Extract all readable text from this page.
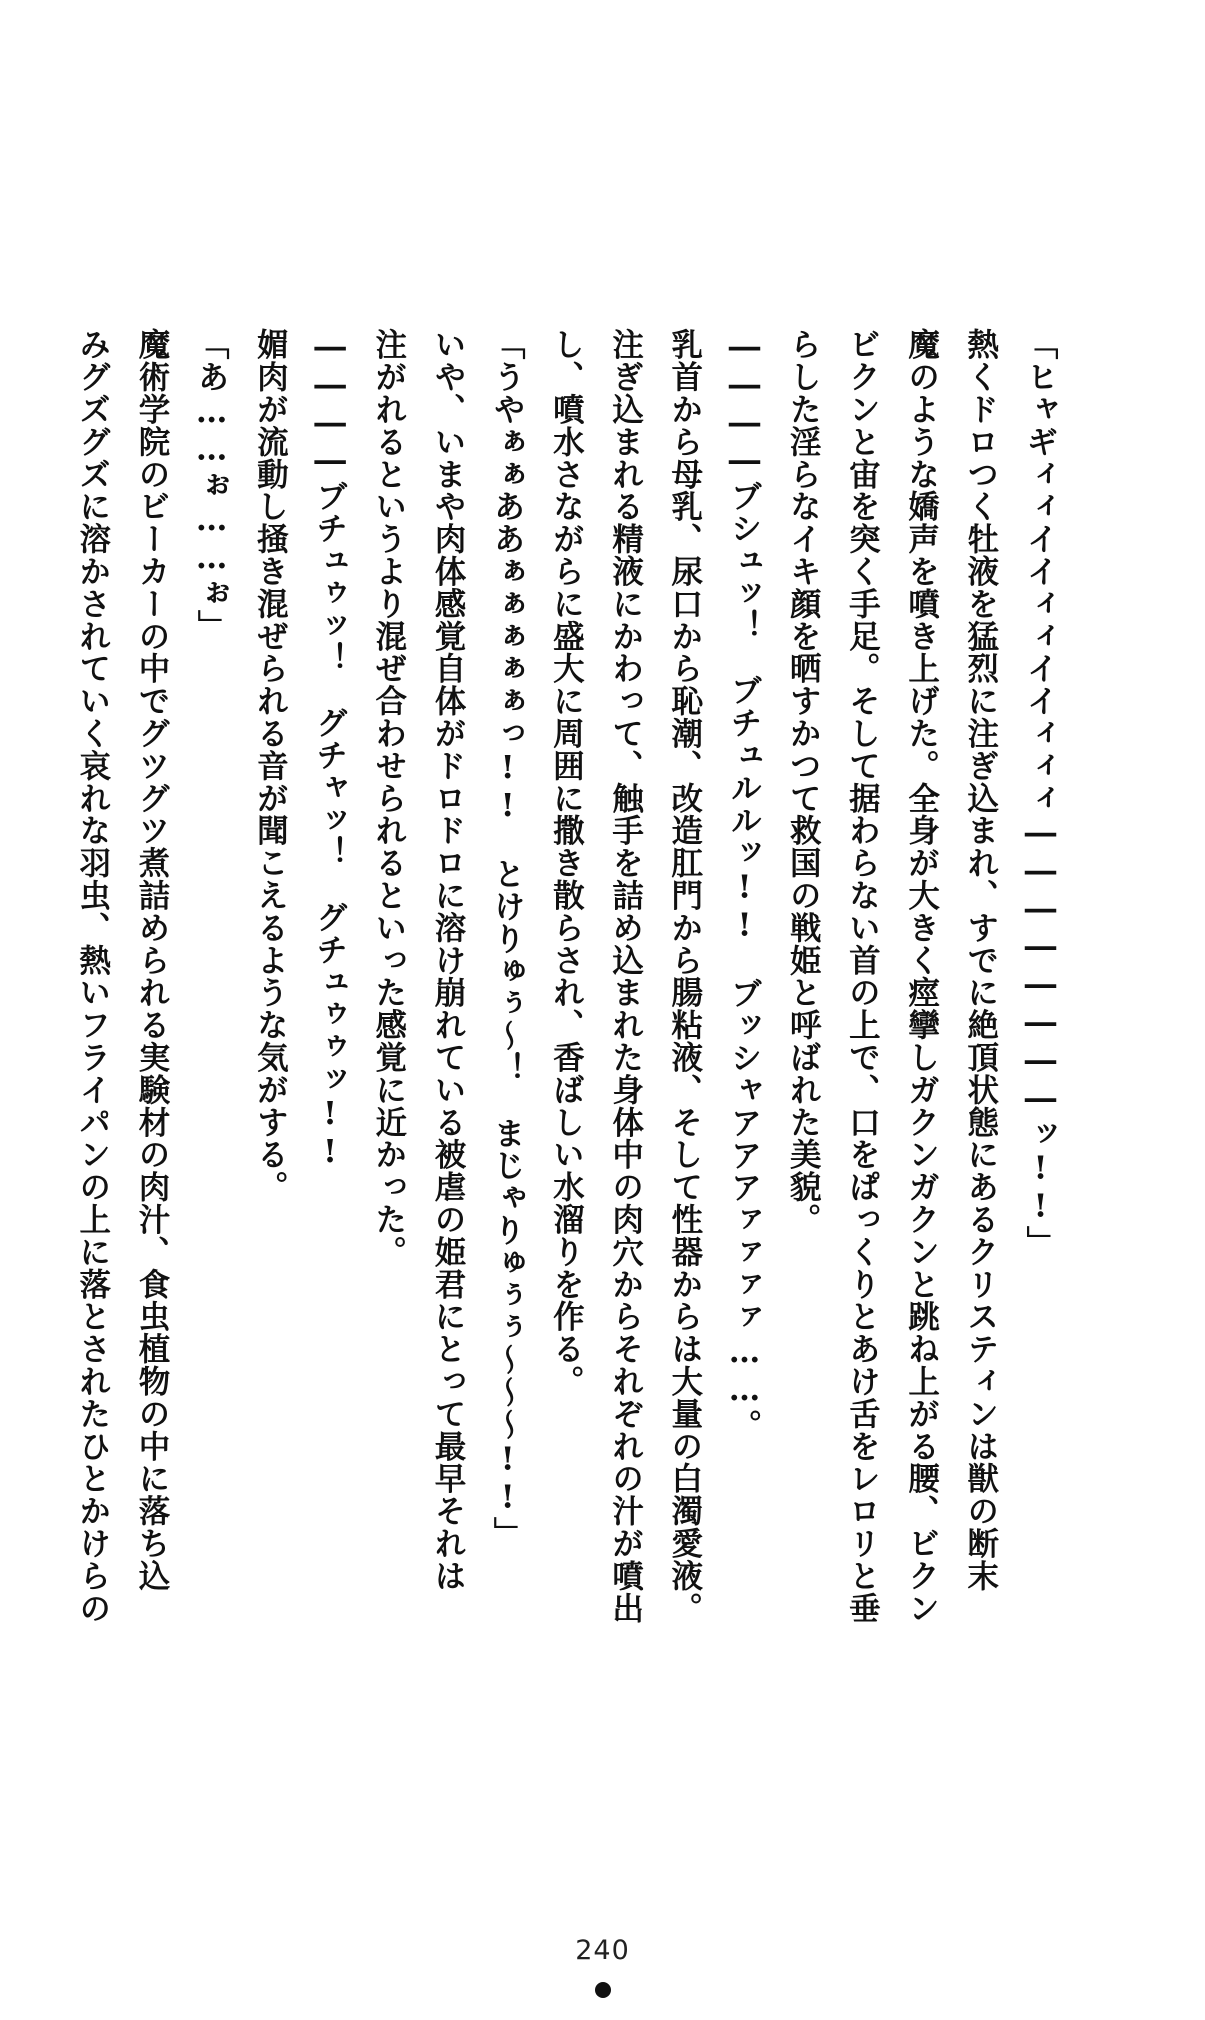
「ヒャギィィイイィィイイィィィ――――――――ッ!!」
熱くドロつく牡液を猛烈に注ぎ込まれ、すでに絶頂状態にあるクリスティンは獣の断末
魔のような嬌声を噴き上げた。全身が大きく痙攣しガクンガクンと跳ね上がる腰、ビクン
ビクンと宙を突く手足。そして据わらない首の上で、口をぱっくりとあけ舌をレロリと垂
らした淫らなイキ顔を晒すかつて救国の戦姫と呼ばれた美貌。
――――ブシュッ！　ブチュルルッ!!　ブッシャアアアァァァァ……。
乳首から母乳、尿口から恥潮、改造肛門から腸粘液、そして性器からは大量の白濁愛液。
注ぎ込まれる精液にかわって、触手を詰め込まれた身体中の肉穴からそれぞれの汁が噴出
し、噴水さながらに盛大に周囲に撒き散らされ、香ばしい水溜りを作る。
「うやぁぁああぁぁぁぁぁっ!!　とけりゅぅ～！　まじゃりゅぅぅ～～～!!」
いや、いまや肉体感覚自体がドロドロに溶け崩れている被虐の姫君にとって最早それは
注がれるというより混ぜ合わせられるといった感覚に近かった。
――――ブチュゥッ！　グチャッ！　グチュゥゥッ!!
媚肉が流動し掻き混ぜられる音が聞こえるような気がする。
「あ……ぉ……ぉ」
魔術学院のビーカーの中でグツグツ煮詰められる実験材の肉汁、食虫植物の中に落ち込
みグズグズに溶かされていく哀れな羽虫、熱いフライパンの上に落とされたひとかけらの
240
